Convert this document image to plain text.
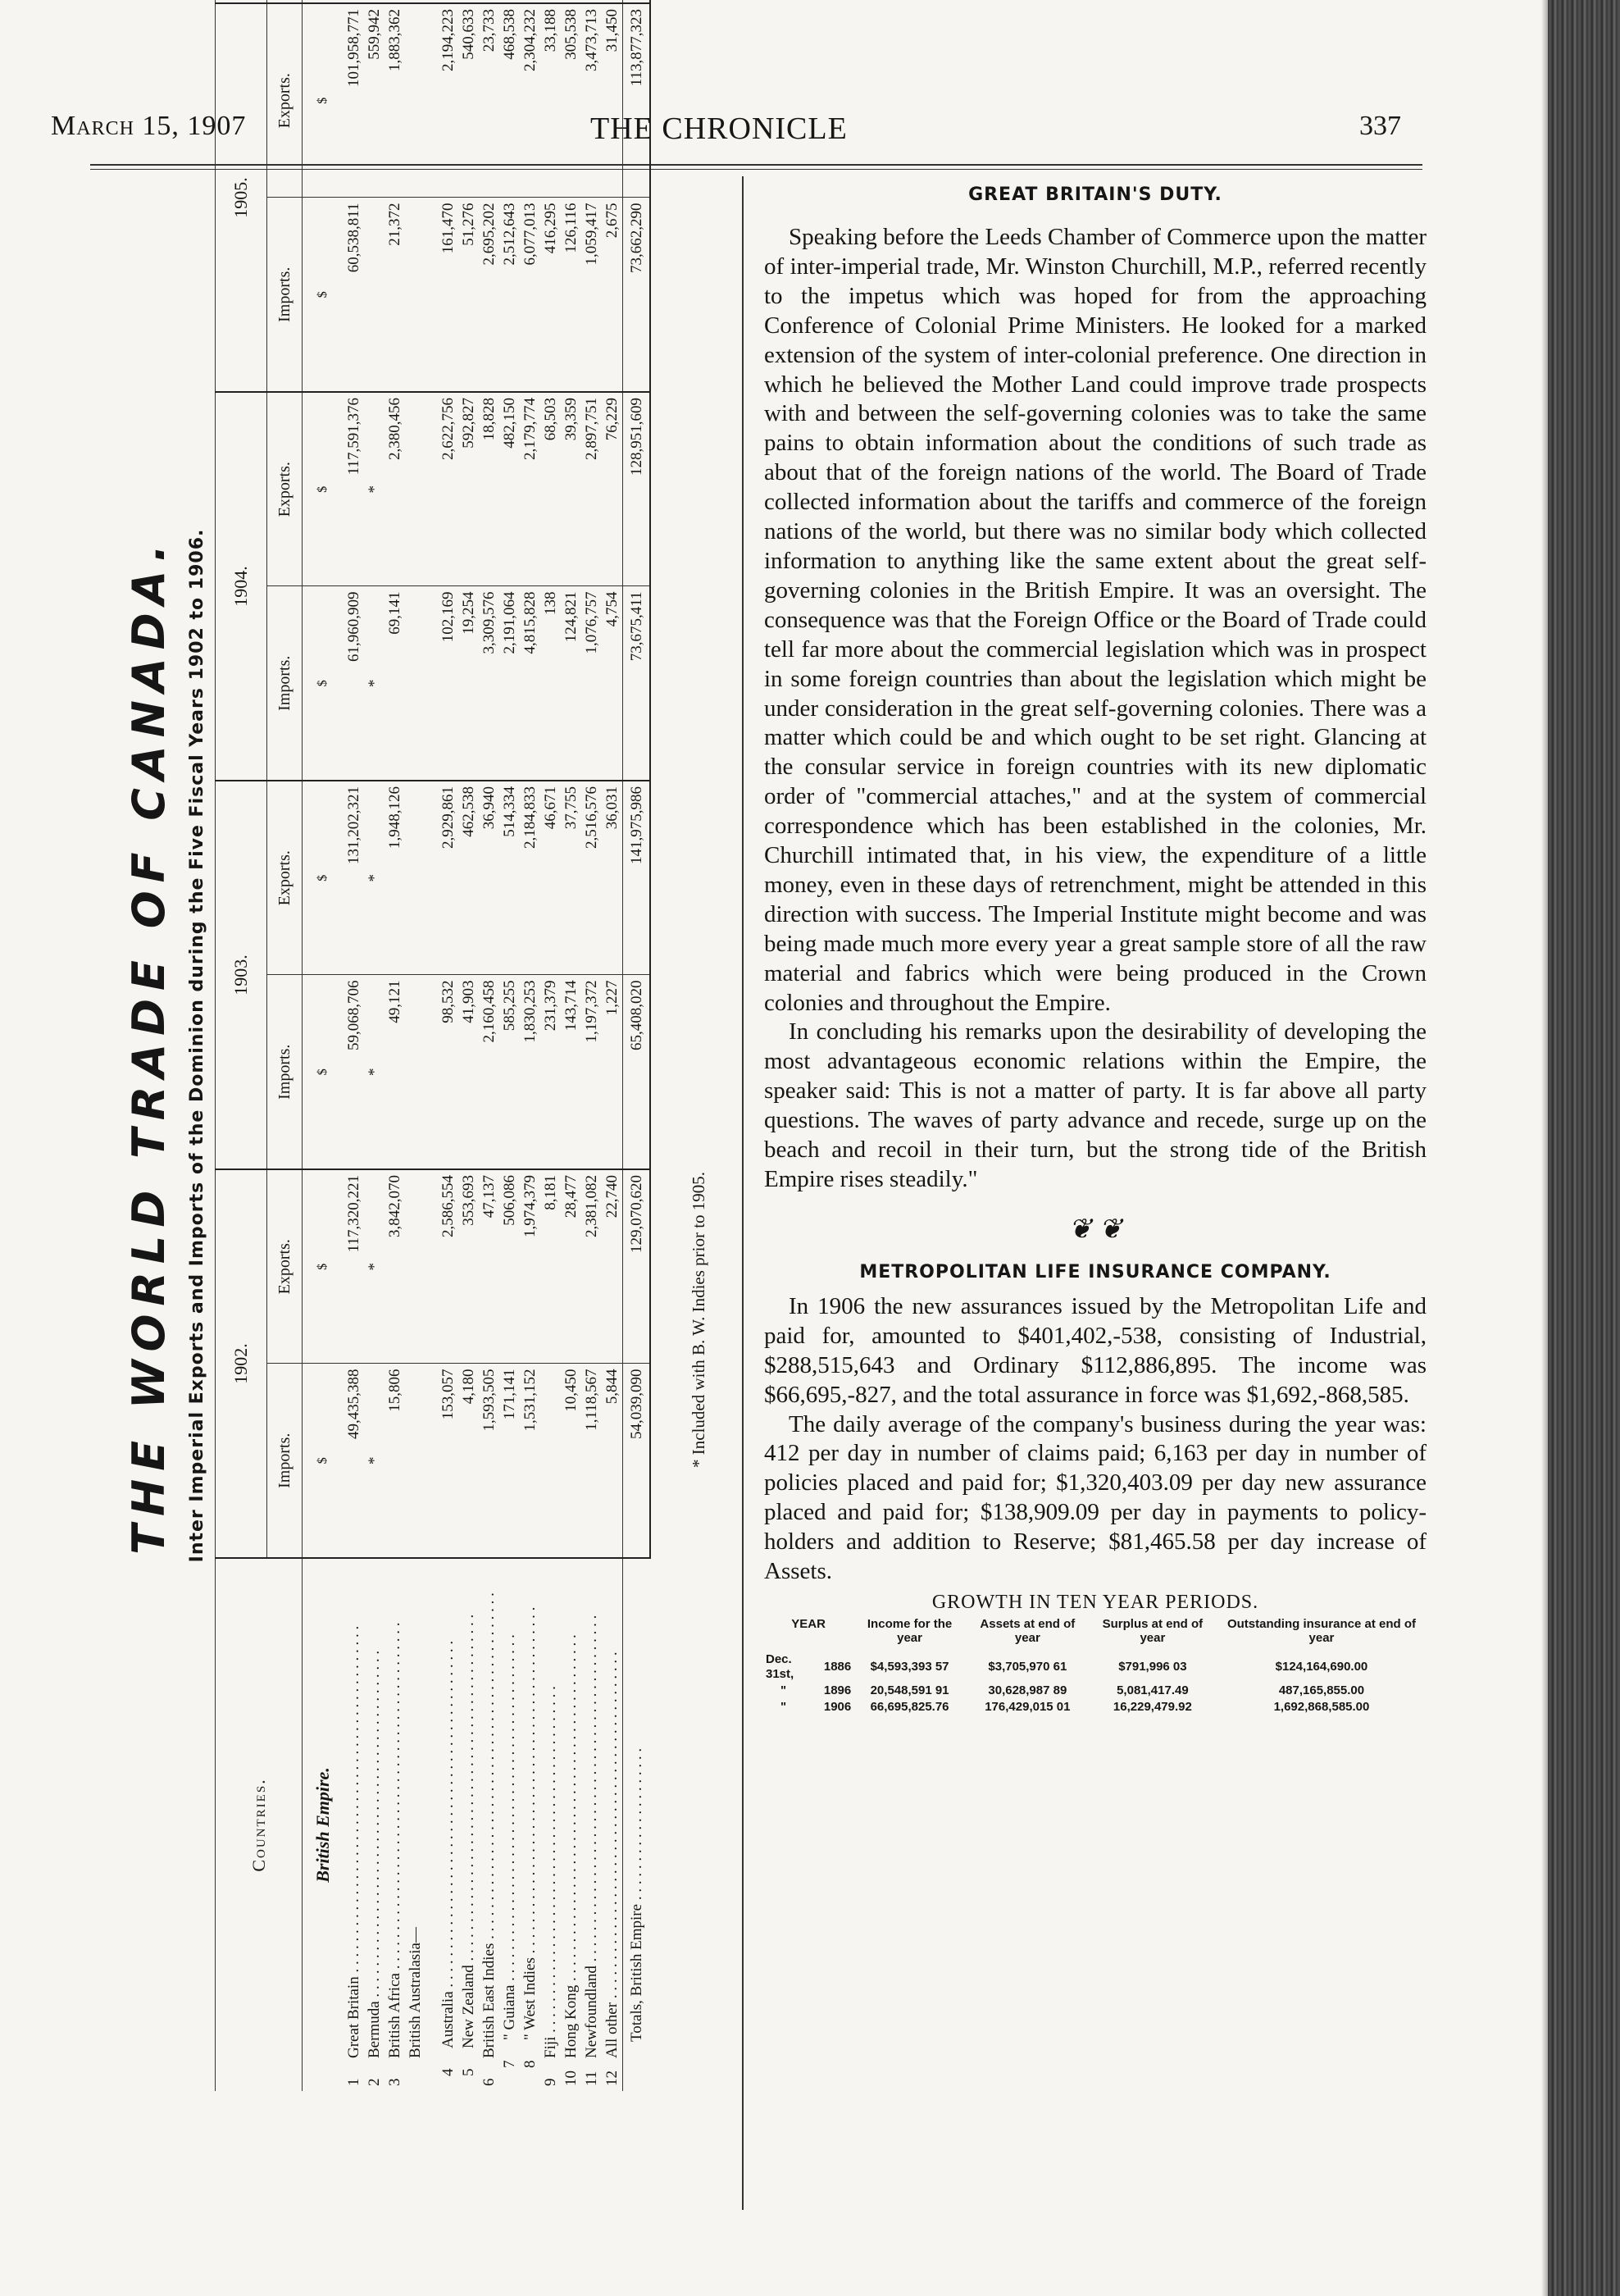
March 15, 1907	THE CHRONICLE	337
THE WORLD TRADE OF CANADA. Inter Imperial Exports and Imports of the Dominion during the Five Fiscal Years 1902 to 1906.
Countries.	1902.		1903.		1904.		1905.		
	Imports.	Exports.	Imports.	Exports.	Imports.	Exports.	Imports.	Exports.			
British Empire.	$	$	$	$	$	$	$	$			
1Great Britain . . . . . . . . . . . . . . . . . . . . . . . . . . . . . . . . . . . . . . . . . . . . .	49,435,388	117,320,221	59,068,706	131,202,321	61,960,909	117,591,376	60,538,811	101,958,771			
2Bermuda . . . . . . . . . . . . . . . . . . . . . . . . . . . . . . . . . . . . . . . . . . . . .	*	*	*	*	*	*		559,942			
3British Africa . . . . . . . . . . . . . . . . . . . . . . . . . . . . . . . . . . . . . . . . . . . . .	15,806	3,842,070	49,121	1,948,126	69,141	2,380,456	21,372	1,883,362			
British Australasia—											

4Australia . . . . . . . . . . . . . . . . . . . . . . . . . . . . . . . . . . . . . . . . . . . . .	153,057	2,586,554	98,532	2,929,861	102,169	2,622,756	161,470	2,194,223			
5New Zealand . . . . . . . . . . . . . . . . . . . . . . . . . . . . . . . . . . . . . . . . . . . . .	4,180	353,693	41,903	462,538	19,254	592,827	51,276	540,633			
6British East Indies . . . . . . . . . . . . . . . . . . . . . . . . . . . . . . . . . . . . . . . . . . . . .	1,593,505	47,137	2,160,458	36,940	3,309,576	18,828	2,695,202	23,733			
7" Guiana . . . . . . . . . . . . . . . . . . . . . . . . . . . . . . . . . . . . . . . . . . . . .	171,141	506,086	585,255	514,334	2,191,064	482,150	2,512,643	468,538			
8" West Indies . . . . . . . . . . . . . . . . . . . . . . . . . . . . . . . . . . . . . . . . . . . . .	1,531,152	1,974,379	1,830,253	2,184,833	4,815,828	2,179,774	6,077,013	2,304,232			
9Fiji . . . . . . . . . . . . . . . . . . . . . . . . . . . . . . . . . . . . . . . . . . . . .		8,181	231,379	46,671	138	68,503	416,295	33,188			
10Hong Kong . . . . . . . . . . . . . . . . . . . . . . . . . . . . . . . . . . . . . . . . . . . . .	10,450	28,477	143,714	37,755	124,821	39,359	126,116	305,538			
11Newfoundland . . . . . . . . . . . . . . . . . . . . . . . . . . . . . . . . . . . . . . . . . . . . .	1,118,567	2,381,082	1,197,372	2,516,576	1,076,757	2,897,751	1,059,417	3,473,713			
12All other . . . . . . . . . . . . . . . . . . . . . . . . . . . . . . . . . . . . . . . . . . . . .	5,844	22,740	1,227	36,031	4,754	76,229	2,675	31,450			
Totals, British Empire . . . . . . . . . . . . . . . . . . . .	54,039,090	129,070,620	65,408,020	141,975,986	73,675,411	128,951,609	73,662,290	113,877,323			
* Included with B. W. Indies prior to 1905.
GREAT BRITAIN'S DUTY.

Speaking before the Leeds Chamber of Commerce upon the matter of inter-imperial trade, Mr. Winston Churchill, M.P., referred recently to the impetus which was hoped for from the approaching Conference of Colonial Prime Ministers. He looked for a marked extension of the system of inter-colonial preference. One direction in which he believed the Mother Land could improve trade prospects with and between the self-governing colonies was to take the same pains to obtain information about the conditions of such trade as about that of the foreign nations of the world. The Board of Trade collected information about the tariffs and commerce of the foreign nations of the world, but there was no similar body which collected information to anything like the same extent about the great self-governing colonies in the British Empire. It was an oversight. The consequence was that the Foreign Office or the Board of Trade could tell far more about the commercial legislation which was in prospect in some foreign countries than about the legislation which might be under consideration in the great self-governing colonies. There was a matter which could be and which ought to be set right. Glancing at the consular service in foreign countries with its new diplomatic order of "commercial attaches," and at the system of commercial correspondence which has been established in the colonies, Mr. Churchill intimated that, in his view, the expenditure of a little money, even in these days of retrenchment, might be attended in this direction with success. The Imperial Institute might become and was being made much more every year a great sample store of all the raw material and fabrics which were being produced in the Crown colonies and throughout the Empire.

In concluding his remarks upon the desirability of developing the most advantageous economic relations within the Empire, the speaker said: This is not a matter of party. It is far above all party questions. The waves of party advance and recede, surge up on the beach and recoil in their turn, but the strong tide of the British Empire rises steadily."

❦ ❦
METROPOLITAN LIFE INSURANCE COMPANY.

In 1906 the new assurances issued by the Metropolitan Life and paid for, amounted to $401,402,-538, consisting of Industrial, $288,515,643 and Ordinary $112,886,895. The income was $66,695,-827, and the total assurance in force was $1,692,-868,585.

The daily average of the company's business during the year was: 412 per day in number of claims paid; 6,163 per day in number of policies placed and paid for; $1,320,403.09 per day new assurance placed and paid for; $138,909.09 per day in payments to policy-holders and addition to Reserve; $81,465.58 per day increase of Assets.

GROWTH IN TEN YEAR PERIODS.
YEAR		Income for the year	Assets at end of year	Surplus at end of year	Outstanding insurance at end of year
Dec. 31st,	1886	$4,593,393 57	$3,705,970 61	$791,996 03	$124,164,690.00
"	1896	20,548,591 91	30,628,987 89	5,081,417.49	487,165,855.00
"	1906	66,695,825.76	176,429,015 01	16,229,479.92	1,692,868,585.00
